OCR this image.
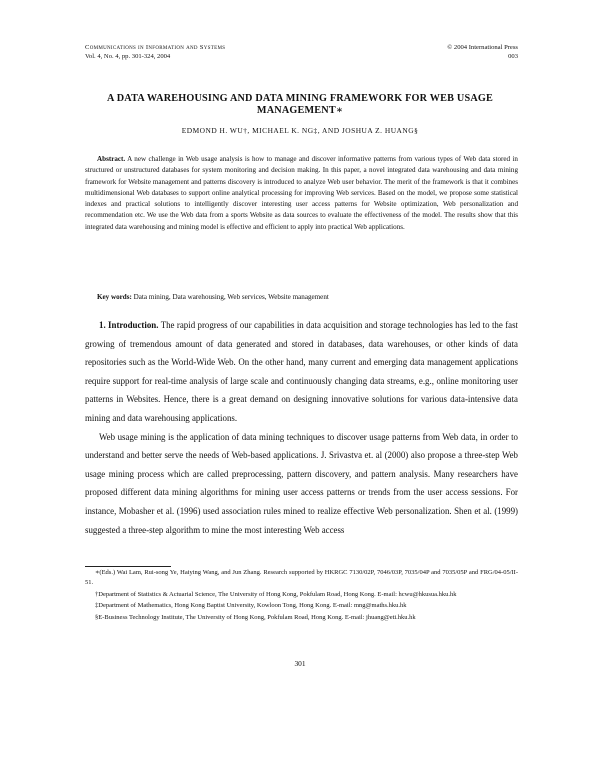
Communications in Information and Systems
Vol. 4, No. 4, pp. 301-324, 2004
© 2004 International Press
003
A DATA WAREHOUSING AND DATA MINING FRAMEWORK FOR WEB USAGE MANAGEMENT∗
EDMOND H. WU†, MICHAEL K. NG‡, AND JOSHUA Z. HUANG§
Abstract. A new challenge in Web usage analysis is how to manage and discover informative patterns from various types of Web data stored in structured or unstructured databases for system monitoring and decision making. In this paper, a novel integrated data warehousing and data mining framework for Website management and patterns discovery is introduced to analyze Web user behavior. The merit of the framework is that it combines multidimensional Web databases to support online analytical processing for improving Web services. Based on the model, we propose some statistical indexes and practical solutions to intelligently discover interesting user access patterns for Website optimization, Web personalization and recommendation etc. We use the Web data from a sports Website as data sources to evaluate the effectiveness of the model. The results show that this integrated data warehousing and mining model is effective and efficient to apply into practical Web applications.
Key words: Data mining, Data warehousing, Web services, Website management

1. Introduction. The rapid progress of our capabilities in data acquisition and storage technologies has led to the fast growing of tremendous amount of data generated and stored in databases, data warehouses, or other kinds of data repositories such as the World-Wide Web. On the other hand, many current and emerging data management applications require support for real-time analysis of large scale and continuously changing data streams, e.g., online monitoring user patterns in Websites. Hence, there is a great demand on designing innovative solutions for various data-intensive data mining and data warehousing applications.

Web usage mining is the application of data mining techniques to discover usage patterns from Web data, in order to understand and better serve the needs of Web-based applications. J. Srivastva et. al (2000) also propose a three-step Web usage mining process which are called preprocessing, pattern discovery, and pattern analysis. Many researchers have proposed different data mining algorithms for mining user access patterns or trends from the user access sessions. For instance, Mobasher et al. (1996) used association rules mined to realize effective Web personalization. Shen et al. (1999) suggested a three-step algorithm to mine the most interesting Web access

∗(Eds.) Wai Lam, Rui-song Ye, Haiying Wang, and Jun Zhang. Research supported by HKRGC 7130/02P, 7046/03P, 7035/04P and 7035/05P and FRG/04-05/II-51.

†Department of Statistics & Actuarial Science, The University of Hong Kong, Pokfulam Road, Hong Kong. E-mail: hcwu@hkusua.hku.hk

‡Department of Mathematics, Hong Kong Baptist University, Kowloon Tong, Hong Kong. E-mail: mng@maths.hku.hk

§E-Business Technology Institute, The University of Hong Kong, Pokfulam Road, Hong Kong. E-mail: jhuang@eti.hku.hk

301
